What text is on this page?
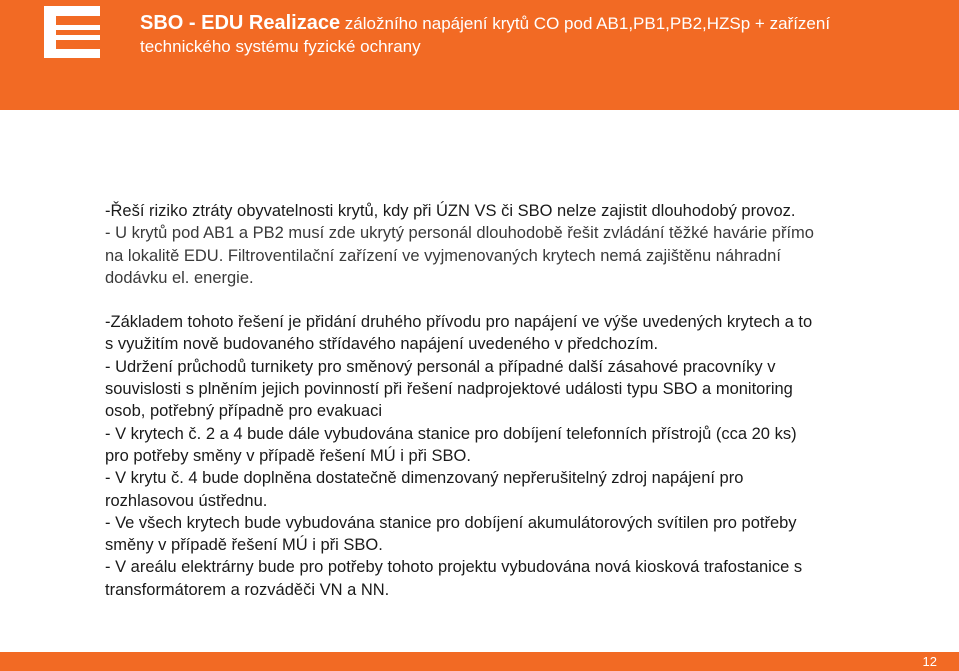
SBO - EDU Realizace záložního napájení krytů CO pod AB1,PB1,PB2,HZSp + zařízení
technického systému fyzické ochrany

-Řeší riziko ztráty obyvatelnosti krytů, kdy při ÚZN VS či SBO nelze zajistit dlouhodobý provoz.

- U krytů pod AB1 a PB2 musí zde ukrytý personál dlouhodobě řešit zvládání těžké havárie přímo

na lokalitě EDU. Filtroventilační zařízení ve vyjmenovaných krytech nemá zajištěnu náhradní

dodávku el. energie.

-Základem tohoto řešení je přidání druhého přívodu pro napájení ve výše uvedených krytech a to

s využitím nově budovaného střídavého napájení uvedeného v předchozím.

- Udržení průchodů turnikety pro směnový personál a případné další zásahové pracovníky v

souvislosti s plněním jejich povinností při řešení nadprojektové události typu SBO a monitoring

osob, potřebný případně pro evakuaci

- V krytech č. 2 a 4 bude dále vybudována stanice pro dobíjení telefonních přístrojů (cca 20 ks)

pro potřeby směny v případě řešení MÚ i při SBO.

- V krytu č. 4 bude doplněna dostatečně dimenzovaný nepřerušitelný zdroj napájení pro

rozhlasovou ústřednu.

- Ve všech krytech bude vybudována stanice pro dobíjení akumulátorových svítilen pro potřeby

směny v případě řešení MÚ i při SBO.

- V areálu elektrárny bude pro potřeby tohoto projektu vybudována nová kiosková trafostanice s

transformátorem a rozváděči VN a NN.

12
